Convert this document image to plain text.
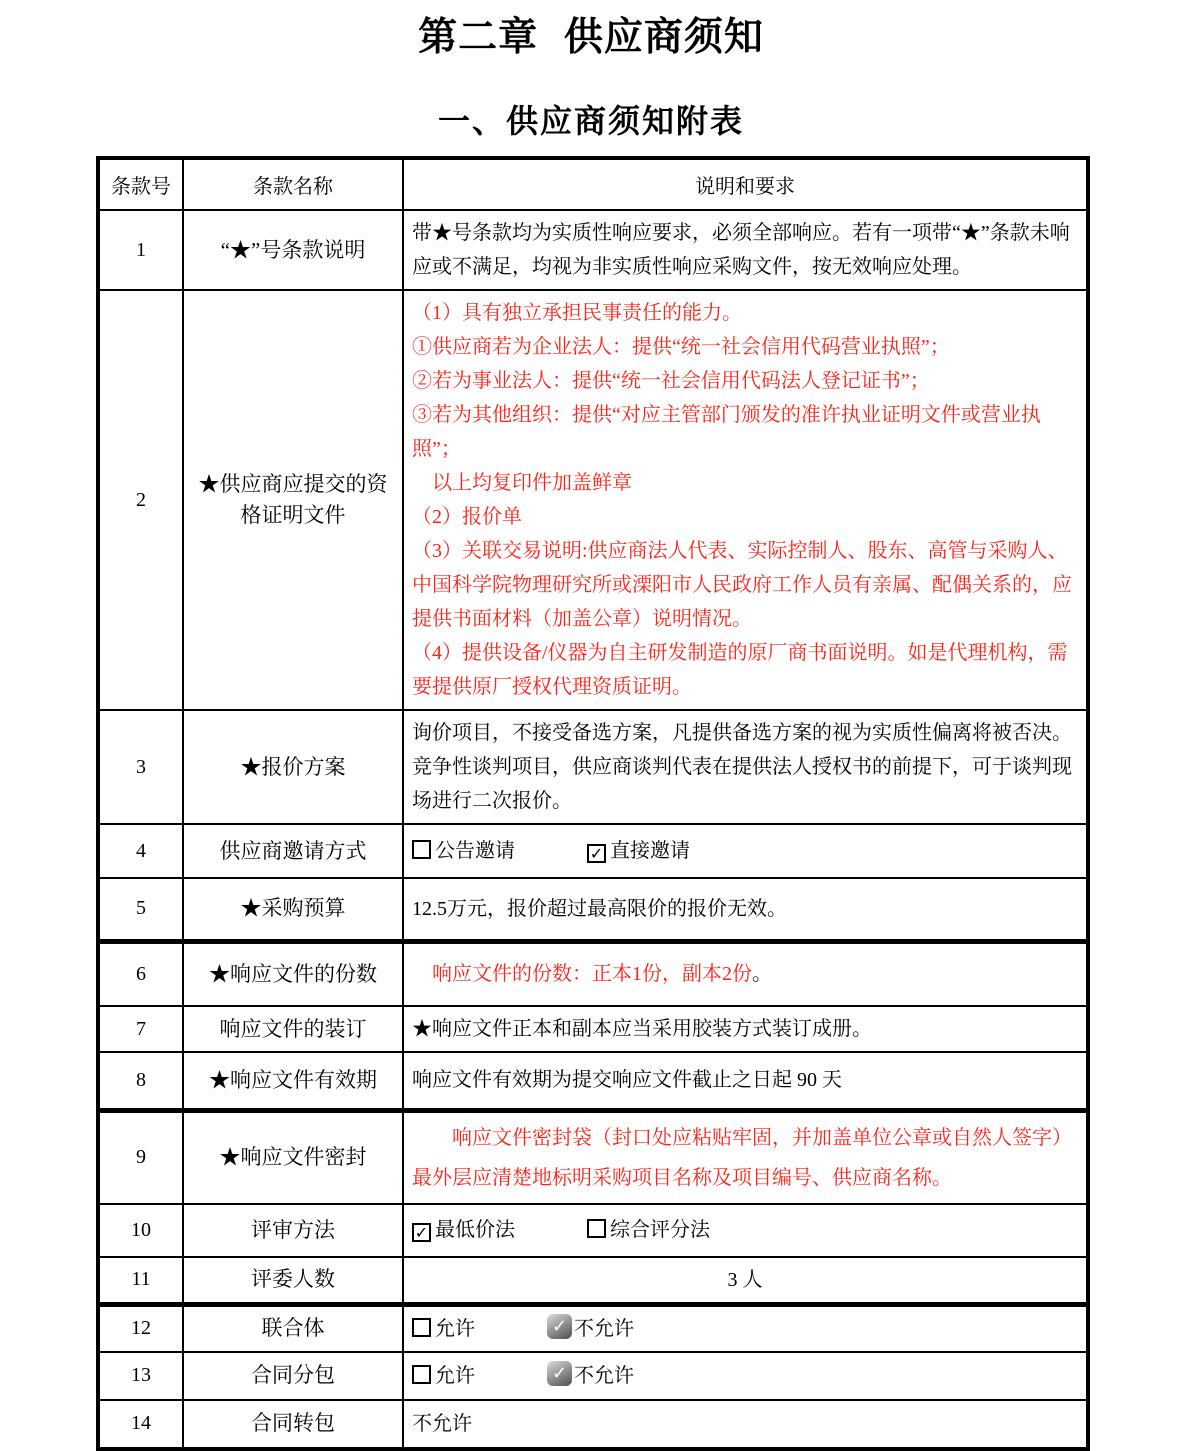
第二章 供应商须知
一、供应商须知附表
条款号	条款名称	说明和要求
1	“★”号条款说明	带★号条款均为实质性响应要求，必须全部响应。若有一项带“★”条款未响应或不满足，均视为非实质性响应采购文件，按无效响应处理。

2	★供应商应提交的资格证明文件	
（1）具有独立承担民事责任的能力。
①供应商若为企业法人：提供“统一社会信用代码营业执照”；
②若为事业法人：提供“统一社会信用代码法人登记证书”；
③若为其他组织：提供“对应主管部门颁发的准许执业证明文件或营业执照”；
　以上均复印件加盖鲜章
（2）报价单
（3）关联交易说明:供应商法人代表、实际控制人、股东、高管与采购人、中国科学院物理研究所或溧阳市人民政府工作人员有亲属、配偶关系的，应提供书面材料（加盖公章）说明情况。
（4）提供设备/仪器为自主研发制造的原厂商书面说明。如是代理机构，需要提供原厂授权代理资质证明。

3	★报价方案	询价项目，不接受备选方案，凡提供备选方案的视为实质性偏离将被否决。竞争性谈判项目，供应商谈判代表在提供法人授权书的前提下，可于谈判现场进行二次报价。

4	供应商邀请方式	公告邀请 ✓ 直接邀请

5	★采购预算	12.5万元，报价超过最高限价的报价无效。

6	★响应文件的份数	　响应文件的份数：正本1份，副本2份。

7	响应文件的装订	★响应文件正本和副本应当采用胶装方式装订成册。

8	★响应文件有效期	响应文件有效期为提交响应文件截止之日起 90 天

9	★响应文件密封	　　响应文件密封袋（封口处应粘贴牢固，并加盖单位公章或自然人签字）最外层应清楚地标明采购项目名称及项目编号、供应商名称。

10	评审方法	✓ 最低价法 综合评分法

11	评委人数	3 人

12	联合体	允许 ✓ 不允许

13	合同分包	允许 ✓ 不允许

14	合同转包	不允许
